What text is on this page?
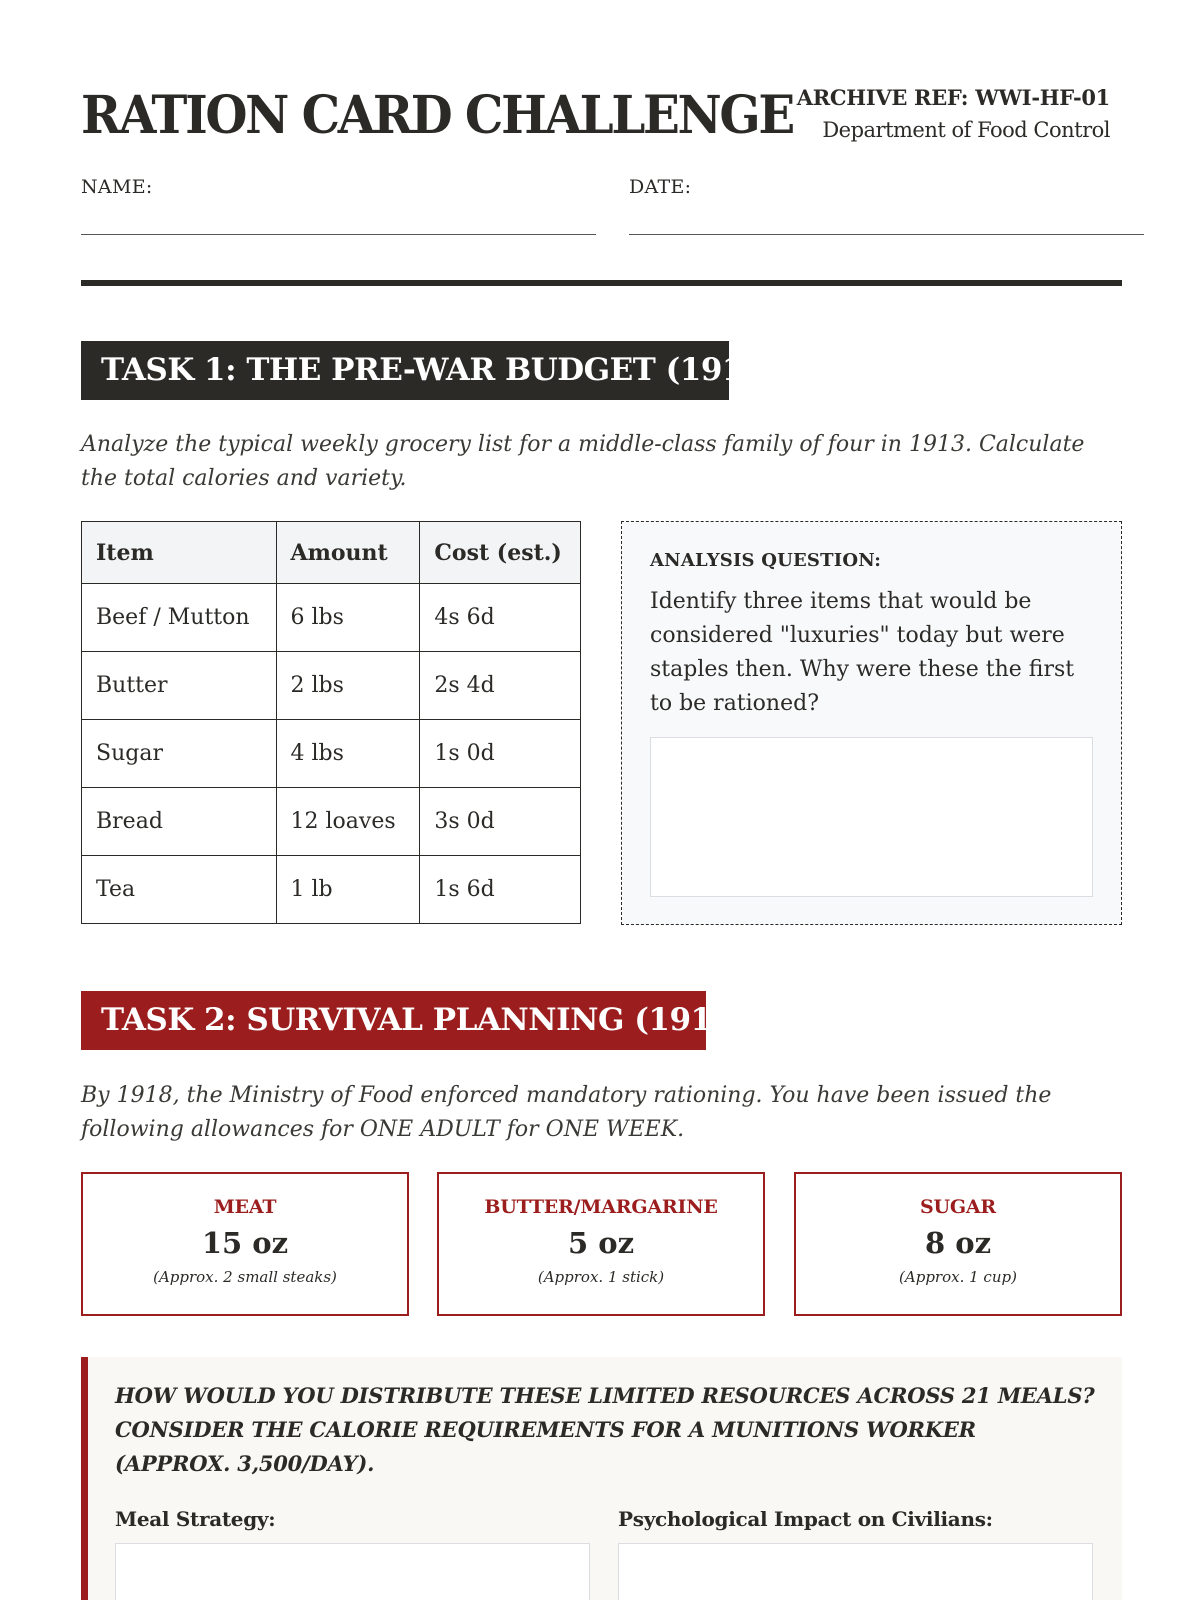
RATION CARD CHALLENGE ARCHIVE REF: WWI-HF-01
Department of Food Control
NAME:	DATE:
TASK 1: THE PRE-WAR BUDGET (1913)

Analyze the typical weekly grocery list for a middle-class family of four in 1913. Calculate the total calories and variety.

Item	Amount	Cost (est.)
Beef / Mutton	6 lbs	4s 6d
Butter	2 lbs	2s 4d
Sugar	4 lbs	1s 0d
Bread	12 loaves	3s 0d
Tea	1 lb	1s 6d
ANALYSIS QUESTION:
Identify three items that would be considered "luxuries" today but were staples then. Why were these the first to be rationed?
TASK 2: SURVIVAL PLANNING (1918)

By 1918, the Ministry of Food enforced mandatory rationing. You have been issued the following allowances for ONE ADULT for ONE WEEK.

MEAT
15 oz
(Approx. 2 small steaks)
BUTTER/MARGARINE
5 oz
(Approx. 1 stick)
SUGAR
8 oz
(Approx. 1 cup)
HOW WOULD YOU DISTRIBUTE THESE LIMITED RESOURCES ACROSS 21 MEALS? CONSIDER THE CALORIE REQUIREMENTS FOR A MUNITIONS WORKER (APPROX. 3,500/DAY).
Meal Strategy:	Psychological Impact on Civilians:
